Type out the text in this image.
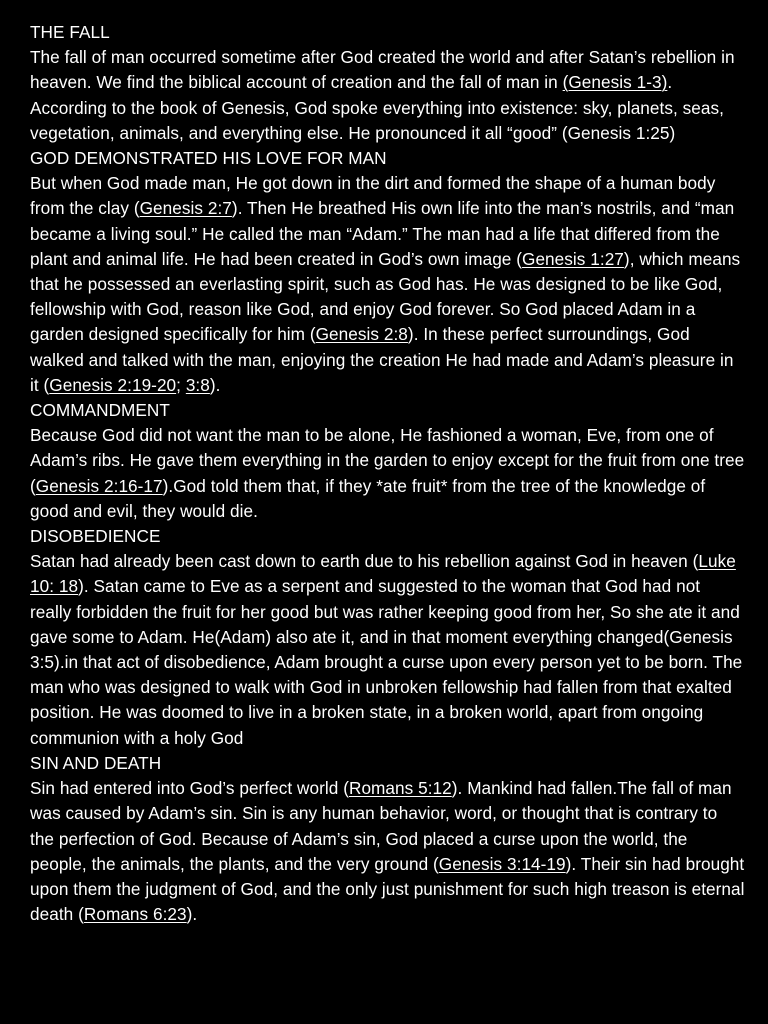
THE FALL
The fall of man occurred sometime after God created the world and after Satan’s rebellion in heaven. We find the biblical account of creation and the fall of man in (Genesis 1-3). According to the book of Genesis, God spoke everything into existence: sky, planets, seas, vegetation, animals, and everything else. He pronounced it all “good” (Genesis 1:25)
GOD DEMONSTRATED HIS LOVE FOR MAN
But when God made man, He got down in the dirt and formed the shape of a human body from the clay (Genesis 2:7). Then He breathed His own life into the man’s nostrils, and “man became a living soul.” He called the man “Adam.” The man had a life that differed from the plant and animal life. He had been created in God’s own image (Genesis 1:27), which means that he possessed an everlasting spirit, such as God has. He was designed to be like God, fellowship with God, reason like God, and enjoy God forever. So God placed Adam in a garden designed specifically for him (Genesis 2:8). In these perfect surroundings, God walked and talked with the man, enjoying the creation He had made and Adam’s pleasure in it (Genesis 2:19-20; 3:8).
COMMANDMENT
Because God did not want the man to be alone, He fashioned a woman, Eve, from one of Adam’s ribs. He gave them everything in the garden to enjoy except for the fruit from one tree (Genesis 2:16-17).God told them that, if they *ate fruit* from the tree of the knowledge of good and evil, they would die.
DISOBEDIENCE
Satan had already been cast down to earth due to his rebellion against God in heaven (Luke 10: 18). Satan came to Eve as a serpent and suggested to the woman that God had not really forbidden the fruit for her good but was rather keeping good from her, So she ate it and gave some to Adam. He(Adam) also ate it, and in that moment everything changed(Genesis 3:5).in that act of disobedience, Adam brought a curse upon every person yet to be born. The man who was designed to walk with God in unbroken fellowship had fallen from that exalted position. He was doomed to live in a broken state, in a broken world, apart from ongoing communion with a holy God
SIN AND DEATH
Sin had entered into God’s perfect world (Romans 5:12). Mankind had fallen.The fall of man was caused by Adam’s sin. Sin is any human behavior, word, or thought that is contrary to the perfection of God. Because of Adam’s sin, God placed a curse upon the world, the people, the animals, the plants, and the very ground (Genesis 3:14-19). Their sin had brought upon them the judgment of God, and the only just punishment for such high treason is eternal death (Romans 6:23).
